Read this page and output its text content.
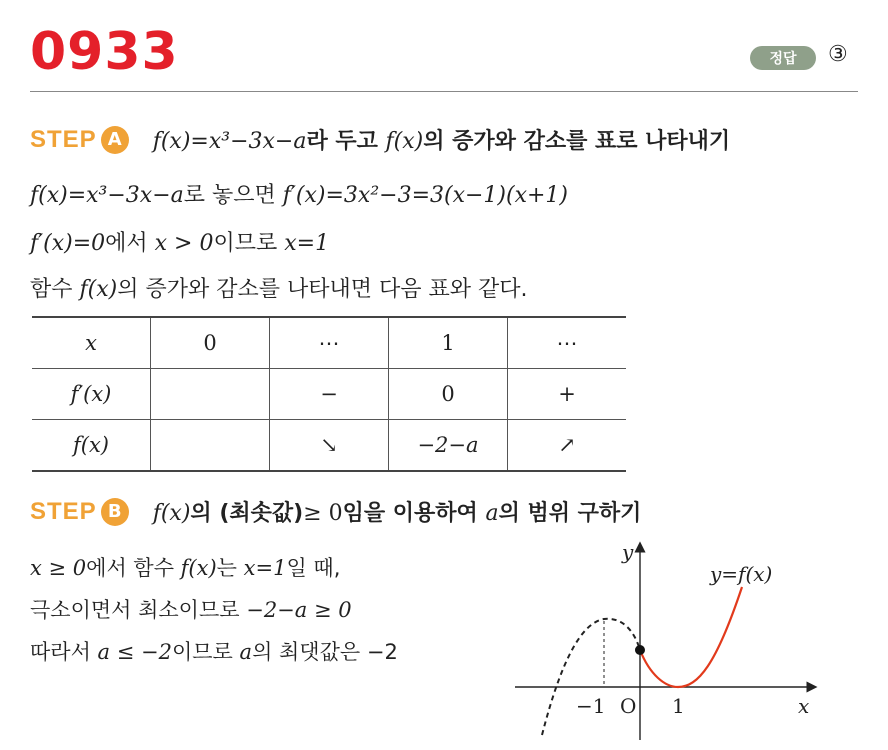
0933	정답	③
STEP A	f(x)=x³−3x−a라 두고 f(x)의 증가와 감소를 표로 나타내기
f(x)=x³−3x−a로 놓으면 f′(x)=3x²−3=3(x−1)(x+1)
f′(x)=0에서 x > 0이므로 x=1
함수 f(x)의 증가와 감소를 나타내면 다음 표와 같다.
x	0	⋯	1	⋯
f′(x)		−	0	+
f(x)		↘	−2−a	↗
STEP B	f(x)의 (최솟값)≥ 0임을 이용하여 a의 범위 구하기
x ≥ 0에서 함수 f(x)는 x=1일 때,
극소이면서 최소이므로 −2−a ≥ 0
따라서 a ≤ −2이므로 a의 최댓값은 −2
y
x
y=f(x)
−1 O 1
